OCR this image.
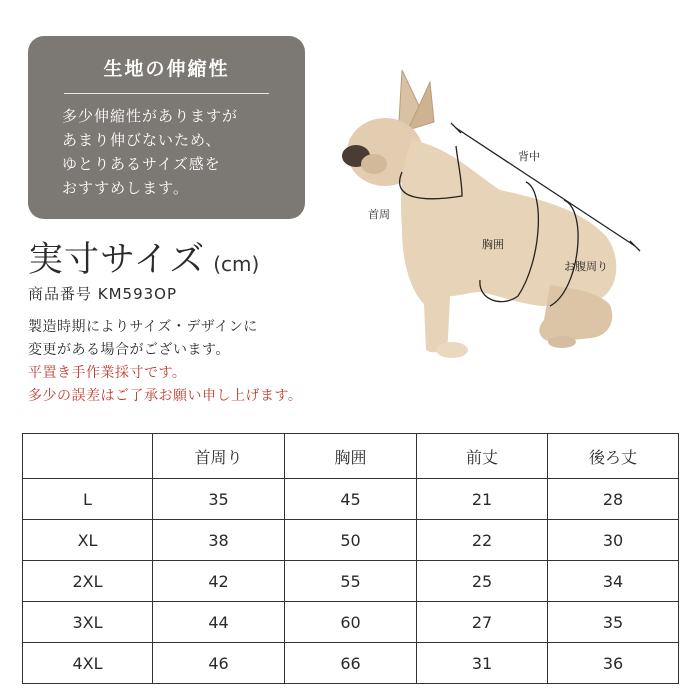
生地の伸縮性
多少伸縮性がありますが
あまり伸びないため、
ゆとりあるサイズ感を
おすすめします。
実寸サイズ (cm)
商品番号 KM593OP
製造時期によりサイズ・デザインに
変更がある場合がございます。
平置き手作業採寸です。
多少の誤差はご了承お願い申し上げます。
背中
首周
胸囲
お腹周り
	首周り	胸囲	前丈	後ろ丈
L	35	45	21	28
XL	38	50	22	30
2XL	42	55	25	34
3XL	44	60	27	35
4XL	46	66	31	36
